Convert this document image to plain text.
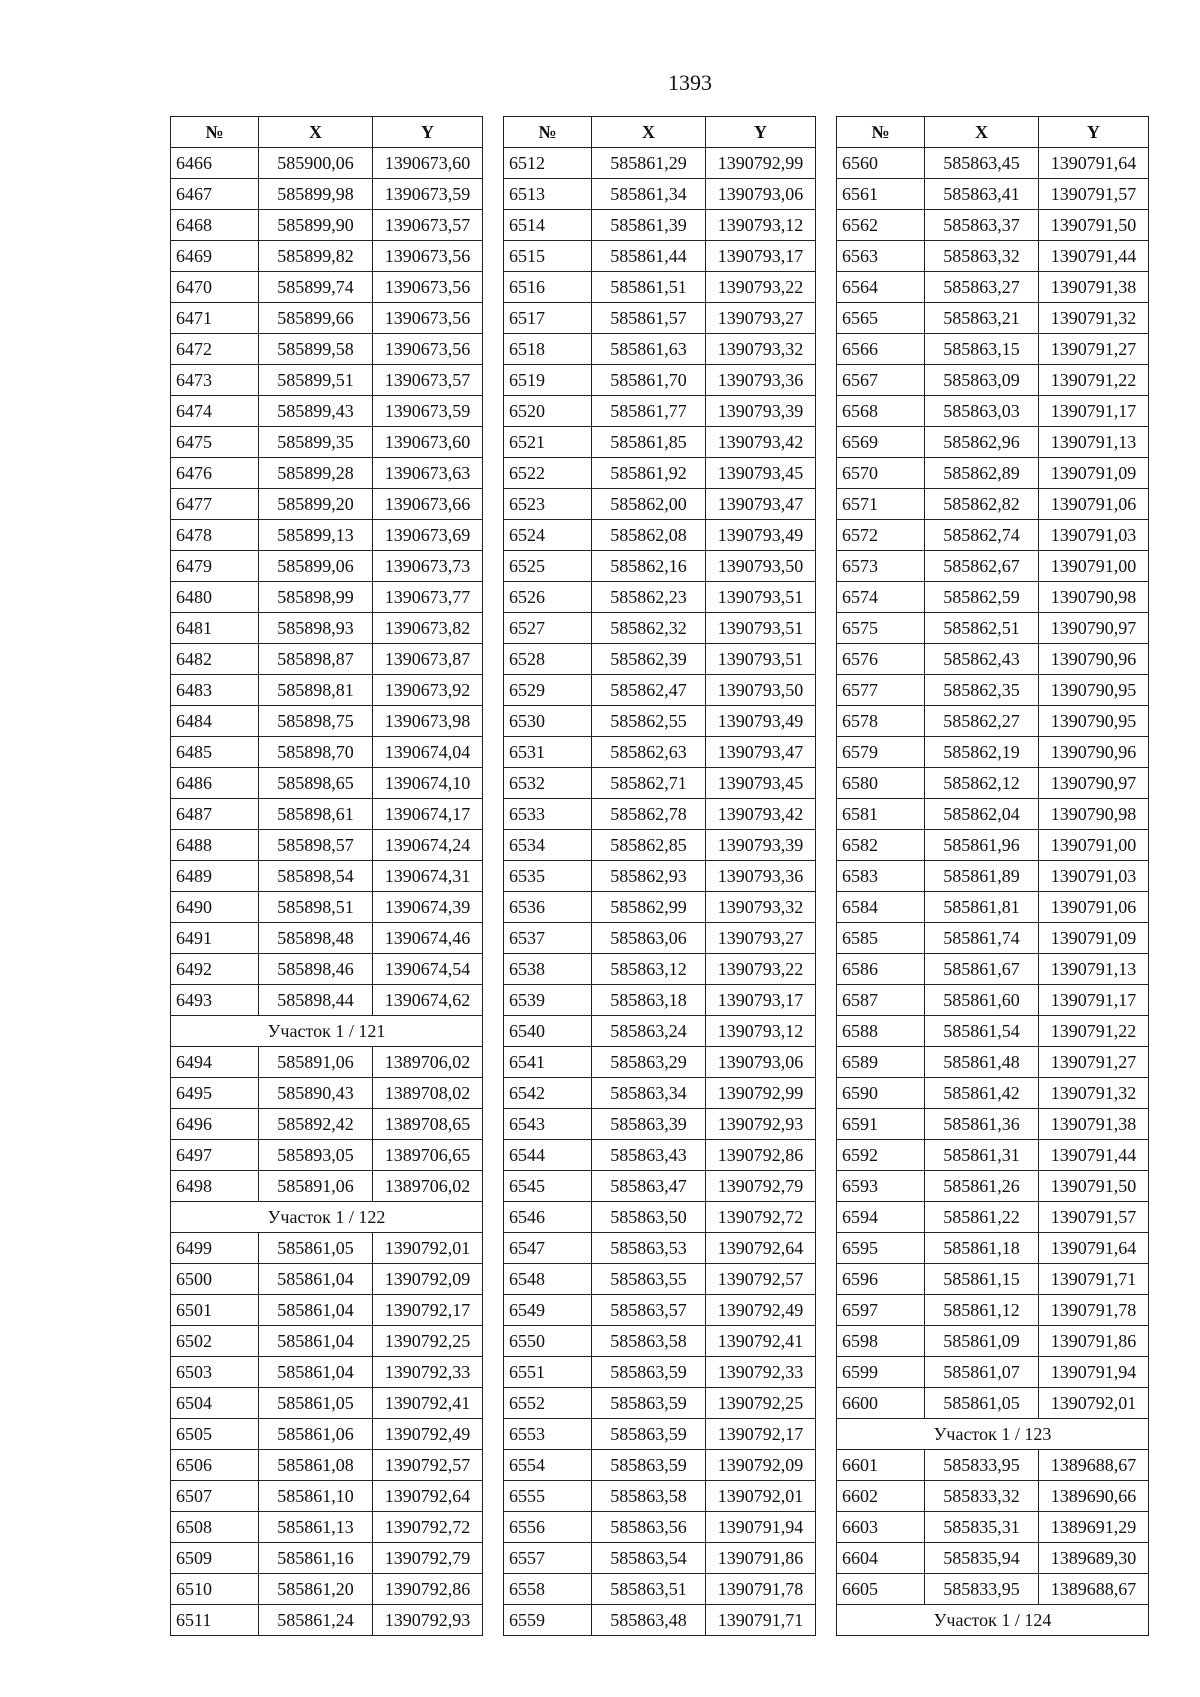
1393
№	X	Y
6466	585900,06	1390673,60
6467	585899,98	1390673,59
6468	585899,90	1390673,57
6469	585899,82	1390673,56
6470	585899,74	1390673,56
6471	585899,66	1390673,56
6472	585899,58	1390673,56
6473	585899,51	1390673,57
6474	585899,43	1390673,59
6475	585899,35	1390673,60
6476	585899,28	1390673,63
6477	585899,20	1390673,66
6478	585899,13	1390673,69
6479	585899,06	1390673,73
6480	585898,99	1390673,77
6481	585898,93	1390673,82
6482	585898,87	1390673,87
6483	585898,81	1390673,92
6484	585898,75	1390673,98
6485	585898,70	1390674,04
6486	585898,65	1390674,10
6487	585898,61	1390674,17
6488	585898,57	1390674,24
6489	585898,54	1390674,31
6490	585898,51	1390674,39
6491	585898,48	1390674,46
6492	585898,46	1390674,54
6493	585898,44	1390674,62
Участок 1 / 121		
6494	585891,06	1389706,02
6495	585890,43	1389708,02
6496	585892,42	1389708,65
6497	585893,05	1389706,65
6498	585891,06	1389706,02
Участок 1 / 122		
6499	585861,05	1390792,01
6500	585861,04	1390792,09
6501	585861,04	1390792,17
6502	585861,04	1390792,25
6503	585861,04	1390792,33
6504	585861,05	1390792,41
6505	585861,06	1390792,49
6506	585861,08	1390792,57
6507	585861,10	1390792,64
6508	585861,13	1390792,72
6509	585861,16	1390792,79
6510	585861,20	1390792,86
6511	585861,24	1390792,93
№	X	Y
6512	585861,29	1390792,99
6513	585861,34	1390793,06
6514	585861,39	1390793,12
6515	585861,44	1390793,17
6516	585861,51	1390793,22
6517	585861,57	1390793,27
6518	585861,63	1390793,32
6519	585861,70	1390793,36
6520	585861,77	1390793,39
6521	585861,85	1390793,42
6522	585861,92	1390793,45
6523	585862,00	1390793,47
6524	585862,08	1390793,49
6525	585862,16	1390793,50
6526	585862,23	1390793,51
6527	585862,32	1390793,51
6528	585862,39	1390793,51
6529	585862,47	1390793,50
6530	585862,55	1390793,49
6531	585862,63	1390793,47
6532	585862,71	1390793,45
6533	585862,78	1390793,42
6534	585862,85	1390793,39
6535	585862,93	1390793,36
6536	585862,99	1390793,32
6537	585863,06	1390793,27
6538	585863,12	1390793,22
6539	585863,18	1390793,17
6540	585863,24	1390793,12
6541	585863,29	1390793,06
6542	585863,34	1390792,99
6543	585863,39	1390792,93
6544	585863,43	1390792,86
6545	585863,47	1390792,79
6546	585863,50	1390792,72
6547	585863,53	1390792,64
6548	585863,55	1390792,57
6549	585863,57	1390792,49
6550	585863,58	1390792,41
6551	585863,59	1390792,33
6552	585863,59	1390792,25
6553	585863,59	1390792,17
6554	585863,59	1390792,09
6555	585863,58	1390792,01
6556	585863,56	1390791,94
6557	585863,54	1390791,86
6558	585863,51	1390791,78
6559	585863,48	1390791,71
№	X	Y
6560	585863,45	1390791,64
6561	585863,41	1390791,57
6562	585863,37	1390791,50
6563	585863,32	1390791,44
6564	585863,27	1390791,38
6565	585863,21	1390791,32
6566	585863,15	1390791,27
6567	585863,09	1390791,22
6568	585863,03	1390791,17
6569	585862,96	1390791,13
6570	585862,89	1390791,09
6571	585862,82	1390791,06
6572	585862,74	1390791,03
6573	585862,67	1390791,00
6574	585862,59	1390790,98
6575	585862,51	1390790,97
6576	585862,43	1390790,96
6577	585862,35	1390790,95
6578	585862,27	1390790,95
6579	585862,19	1390790,96
6580	585862,12	1390790,97
6581	585862,04	1390790,98
6582	585861,96	1390791,00
6583	585861,89	1390791,03
6584	585861,81	1390791,06
6585	585861,74	1390791,09
6586	585861,67	1390791,13
6587	585861,60	1390791,17
6588	585861,54	1390791,22
6589	585861,48	1390791,27
6590	585861,42	1390791,32
6591	585861,36	1390791,38
6592	585861,31	1390791,44
6593	585861,26	1390791,50
6594	585861,22	1390791,57
6595	585861,18	1390791,64
6596	585861,15	1390791,71
6597	585861,12	1390791,78
6598	585861,09	1390791,86
6599	585861,07	1390791,94
6600	585861,05	1390792,01
Участок 1 / 123		
6601	585833,95	1389688,67
6602	585833,32	1389690,66
6603	585835,31	1389691,29
6604	585835,94	1389689,30
6605	585833,95	1389688,67
Участок 1 / 124		
